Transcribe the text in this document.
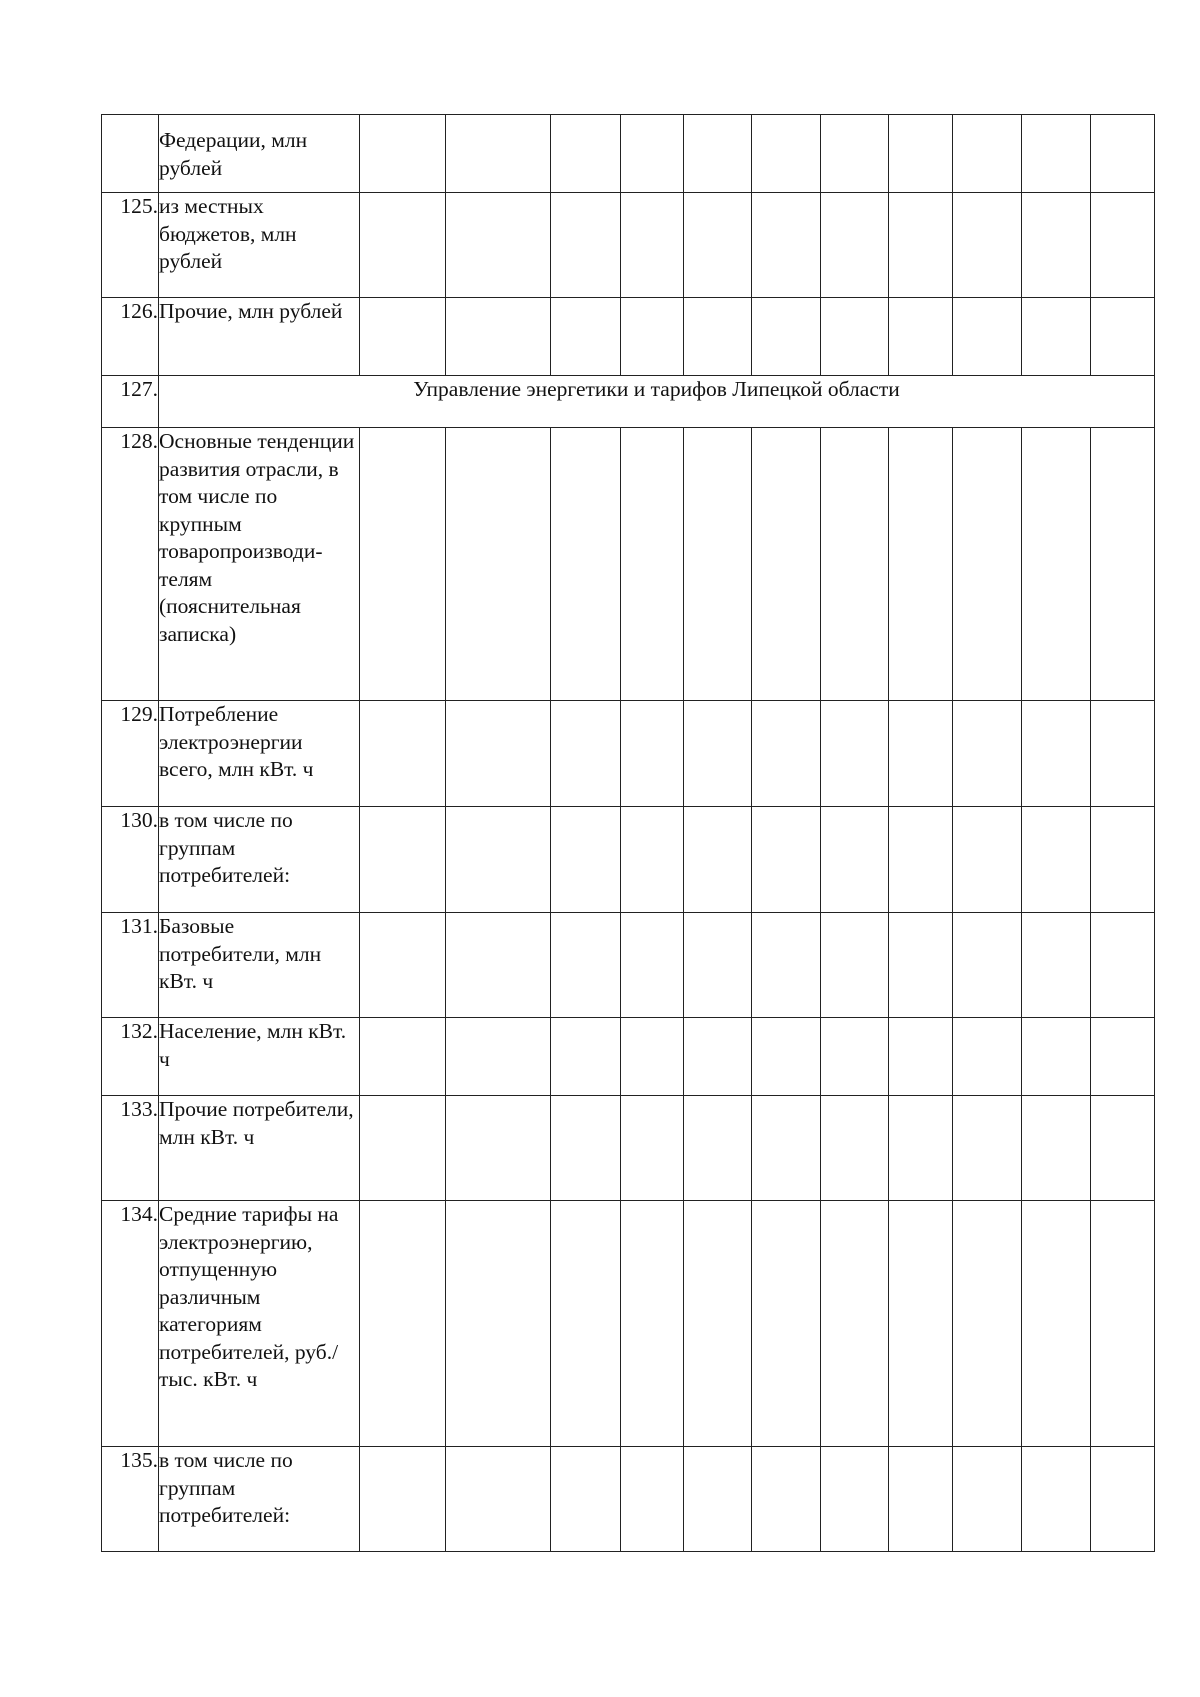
	Федерации, млн рублей											
125.	из местных бюджетов, млн рублей											
126.	Прочие, млн рублей											
127.	Управление энергетики и тарифов Липецкой области											
128.	Основные тенденции развития отрасли, в том числе по крупным товаропроизводи-телям (пояснительная записка)											
129.	Потребление электроэнергии всего, млн кВт. ч											
130.	в том числе по группам потребителей:											
131.	Базовые потребители, млн кВт. ч											
132.	Население, млн кВт. ч											
133.	Прочие потребители, млн кВт. ч											
134.	Средние тарифы на электроэнергию, отпущенную различным категориям потребителей, руб./тыс. кВт. ч											
135.	в том числе по группам потребителей:											
